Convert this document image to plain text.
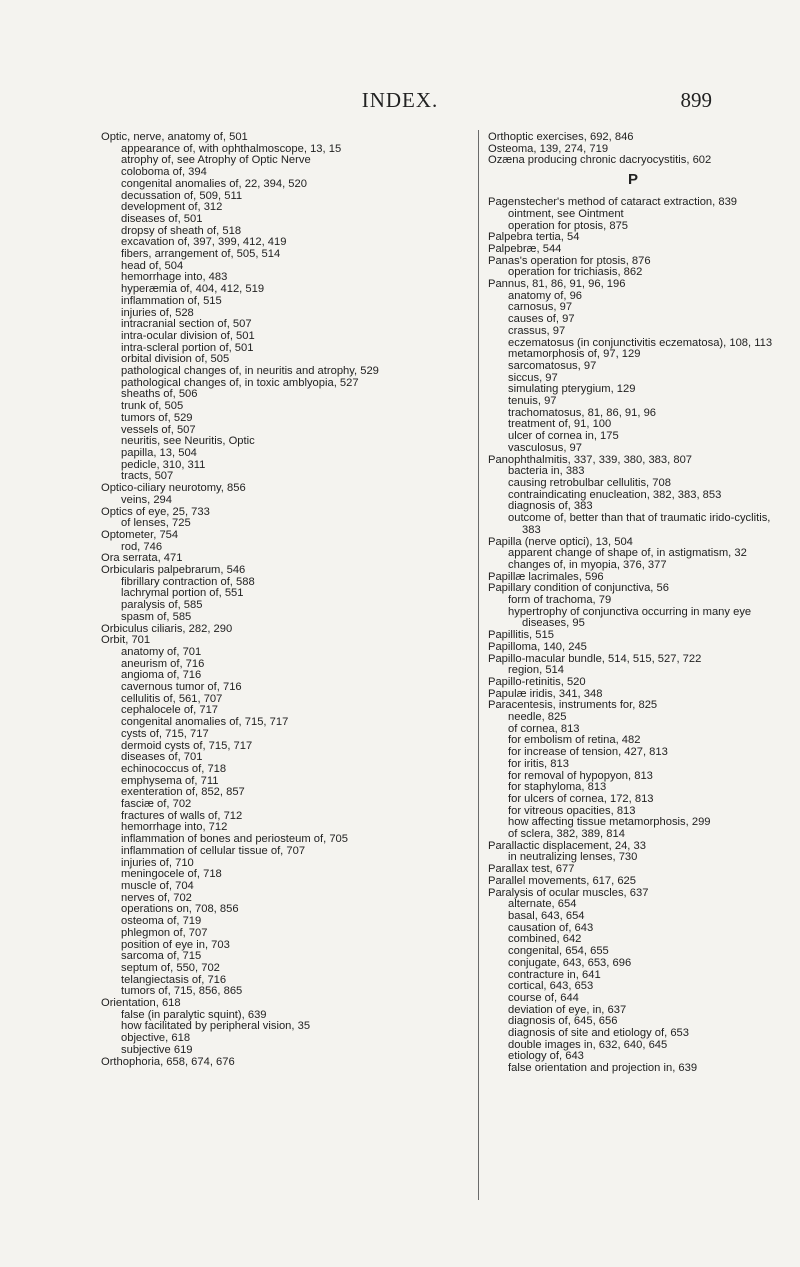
INDEX.	899
Optic, nerve, anatomy of, 501
appearance of, with ophthalmoscope, 13, 15
atrophy of, see Atrophy of Optic Nerve
coloboma of, 394
congenital anomalies of, 22, 394, 520
decussation of, 509, 511
development of, 312
diseases of, 501
dropsy of sheath of, 518
excavation of, 397, 399, 412, 419
fibers, arrangement of, 505, 514
head of, 504
hemorrhage into, 483
hyperæmia of, 404, 412, 519
inflammation of, 515
injuries of, 528
intracranial section of, 507
intra-ocular division of, 501
intra-scleral portion of, 501
orbital division of, 505
pathological changes of, in neuritis and atrophy, 529
pathological changes of, in toxic amblyopia, 527
sheaths of, 506
trunk of, 505
tumors of, 529
vessels of, 507
neuritis, see Neuritis, Optic
papilla, 13, 504
pedicle, 310, 311
tracts, 507
Optico-ciliary neurotomy, 856
veins, 294
Optics of eye, 25, 733
of lenses, 725
Optometer, 754
rod, 746
Ora serrata, 471
Orbicularis palpebrarum, 546
fibrillary contraction of, 588
lachrymal portion of, 551
paralysis of, 585
spasm of, 585
Orbiculus ciliaris, 282, 290
Orbit, 701
anatomy of, 701
aneurism of, 716
angioma of, 716
cavernous tumor of, 716
cellulitis of, 561, 707
cephalocele of, 717
congenital anomalies of, 715, 717
cysts of, 715, 717
dermoid cysts of, 715, 717
diseases of, 701
echinococcus of, 718
emphysema of, 711
exenteration of, 852, 857
fasciæ of, 702
fractures of walls of, 712
hemorrhage into, 712
inflammation of bones and periosteum of, 705
inflammation of cellular tissue of, 707
injuries of, 710
meningocele of, 718
muscle of, 704
nerves of, 702
operations on, 708, 856
osteoma of, 719
phlegmon of, 707
position of eye in, 703
sarcoma of, 715
septum of, 550, 702
telangiectasis of, 716
tumors of, 715, 856, 865
Orientation, 618
false (in paralytic squint), 639
how facilitated by peripheral vision, 35
objective, 618
subjective 619
Orthophoria, 658, 674, 676
Orthoptic exercises, 692, 846
Osteoma, 139, 274, 719
Ozæna producing chronic dacryocystitis, 602
P
Pagenstecher's method of cataract extraction, 839
ointment, see Ointment
operation for ptosis, 875
Palpebra tertia, 54
Palpebræ, 544
Panas's operation for ptosis, 876
operation for trichiasis, 862
Pannus, 81, 86, 91, 96, 196
anatomy of, 96
carnosus, 97
causes of, 97
crassus, 97
eczematosus (in conjunctivitis eczematosa), 108, 113
metamorphosis of, 97, 129
sarcomatosus, 97
siccus, 97
simulating pterygium, 129
tenuis, 97
trachomatosus, 81, 86, 91, 96
treatment of, 91, 100
ulcer of cornea in, 175
vasculosus, 97
Panophthalmitis, 337, 339, 380, 383, 807
bacteria in, 383
causing retrobulbar cellulitis, 708
contraindicating enucleation, 382, 383, 853
diagnosis of, 383
outcome of, better than that of traumatic irido-cyclitis, 383
Papilla (nerve optici), 13, 504
apparent change of shape of, in astigmatism, 32
changes of, in myopia, 376, 377
Papillæ lacrimales, 596
Papillary condition of conjunctiva, 56
form of trachoma, 79
hypertrophy of conjunctiva occurring in many eye diseases, 95
Papillitis, 515
Papilloma, 140, 245
Papillo-macular bundle, 514, 515, 527, 722
region, 514
Papillo-retinitis, 520
Papulæ iridis, 341, 348
Paracentesis, instruments for, 825
needle, 825
of cornea, 813
for embolism of retina, 482
for increase of tension, 427, 813
for iritis, 813
for removal of hypopyon, 813
for staphyloma, 813
for ulcers of cornea, 172, 813
for vitreous opacities, 813
how affecting tissue metamorphosis, 299
of sclera, 382, 389, 814
Parallactic displacement, 24, 33
in neutralizing lenses, 730
Parallax test, 677
Parallel movements, 617, 625
Paralysis of ocular muscles, 637
alternate, 654
basal, 643, 654
causation of, 643
combined, 642
congenital, 654, 655
conjugate, 643, 653, 696
contracture in, 641
cortical, 643, 653
course of, 644
deviation of eye, in, 637
diagnosis of, 645, 656
diagnosis of site and etiology of, 653
double images in, 632, 640, 645
etiology of, 643
false orientation and projection in, 639
